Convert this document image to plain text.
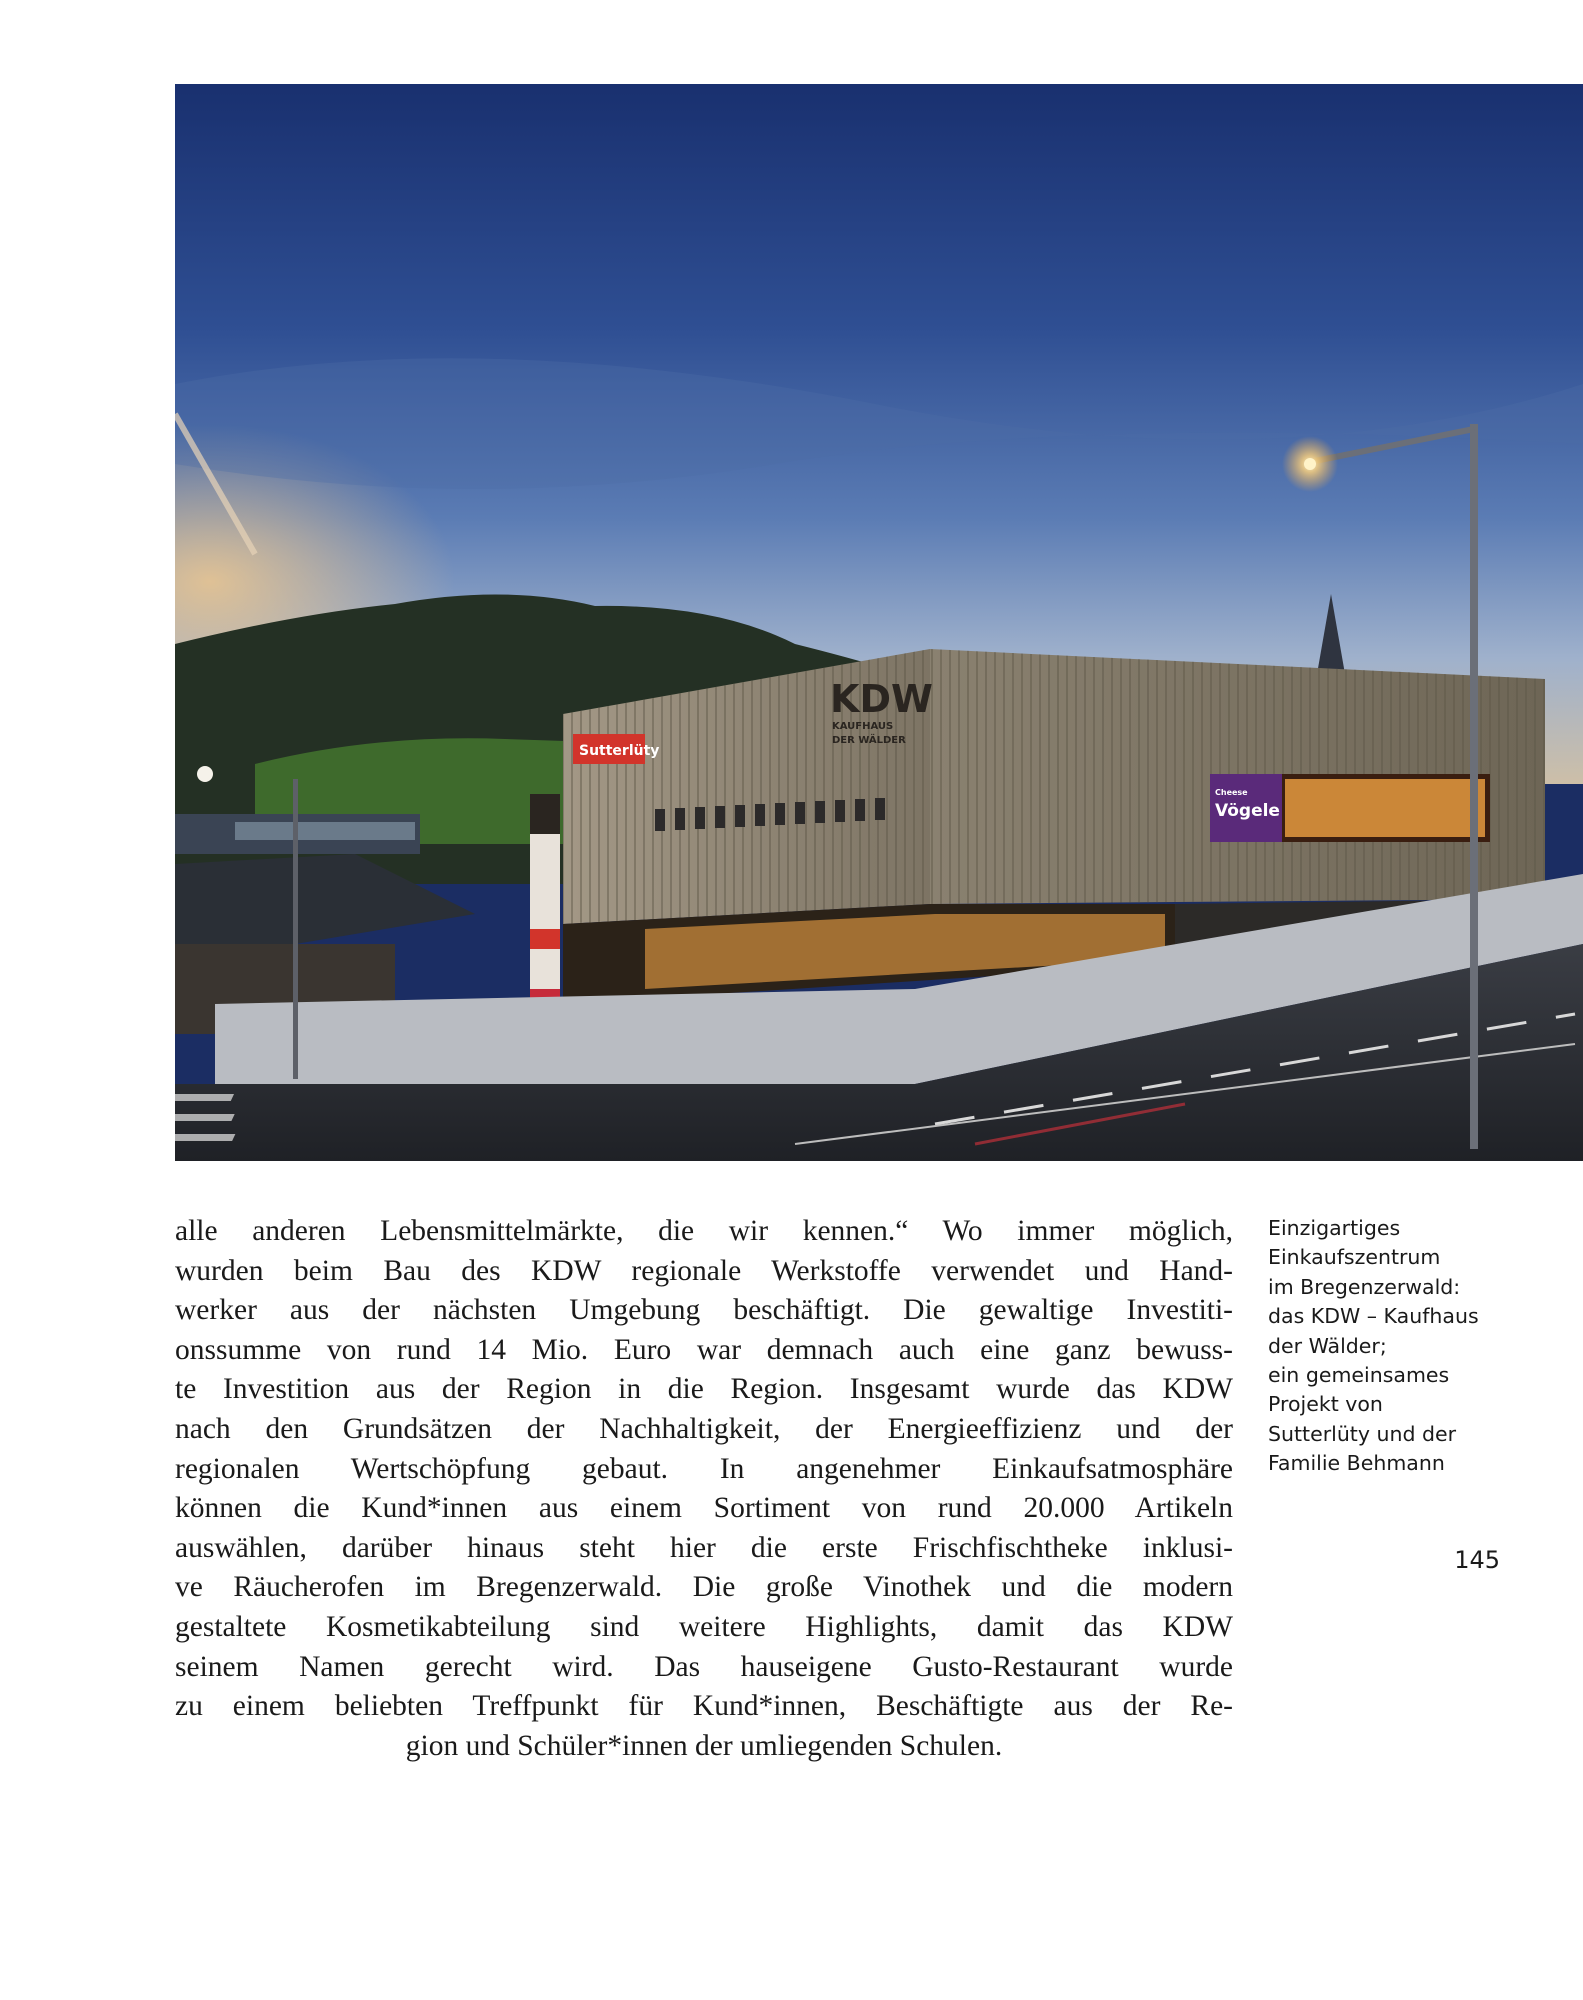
Sutterlüty
KDW
KAUFHAUS
DER WÄLDER
Cheese
Vögele
alle anderen Lebensmittelmärkte, die wir kennen.“ Wo immer möglich,
wurden beim Bau des KDW regionale Werkstoffe verwendet und Hand-
werker aus der nächsten Umgebung beschäftigt. Die gewaltige Investiti-
onssumme von rund 14 Mio. Euro war demnach auch eine ganz bewuss-
te Investition aus der Region in die Region. Insgesamt wurde das KDW
nach den Grundsätzen der Nachhaltigkeit, der Energieeffizienz und der
regionalen Wertschöpfung gebaut. In angenehmer Einkaufsatmosphäre
können die Kund*innen aus einem Sortiment von rund 20.000 Artikeln
auswählen, darüber hinaus steht hier die erste Frischfischtheke inklusi-
ve Räucherofen im Bregenzerwald. Die große Vinothek und die modern
gestaltete Kosmetikabteilung sind weitere Highlights, damit das KDW
seinem Namen gerecht wird. Das hauseigene Gusto-Restaurant wurde
zu einem beliebten Treffpunkt für Kund*innen, Beschäftigte aus der Re-
gion und Schüler*innen der umliegenden Schulen.
Einzigartiges
Einkaufszentrum
im Bregenzerwald:
das KDW – Kaufhaus
der Wälder;
ein gemeinsames
Projekt von
Sutterlüty und der
Familie Behmann
145
